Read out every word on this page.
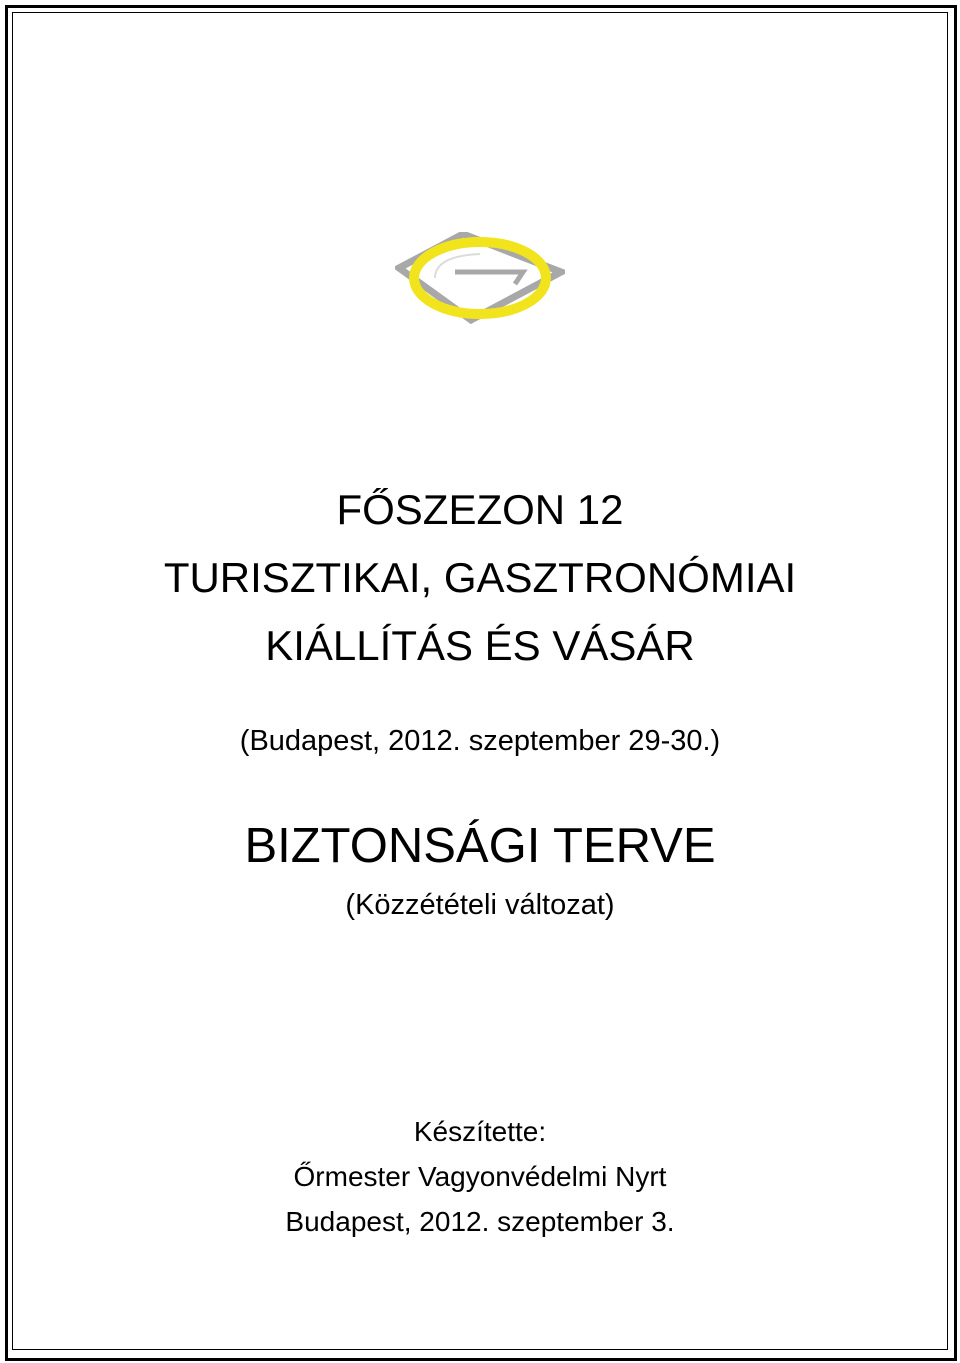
FŐSZEZON 12
TURISZTIKAI, GASZTRONÓMIAI
KIÁLLÍTÁS ÉS VÁSÁR
(Budapest, 2012. szeptember 29-30.)
BIZTONSÁGI TERVE
(Közzétételi változat)
Készítette:
Őrmester Vagyonvédelmi Nyrt
Budapest, 2012. szeptember 3.
